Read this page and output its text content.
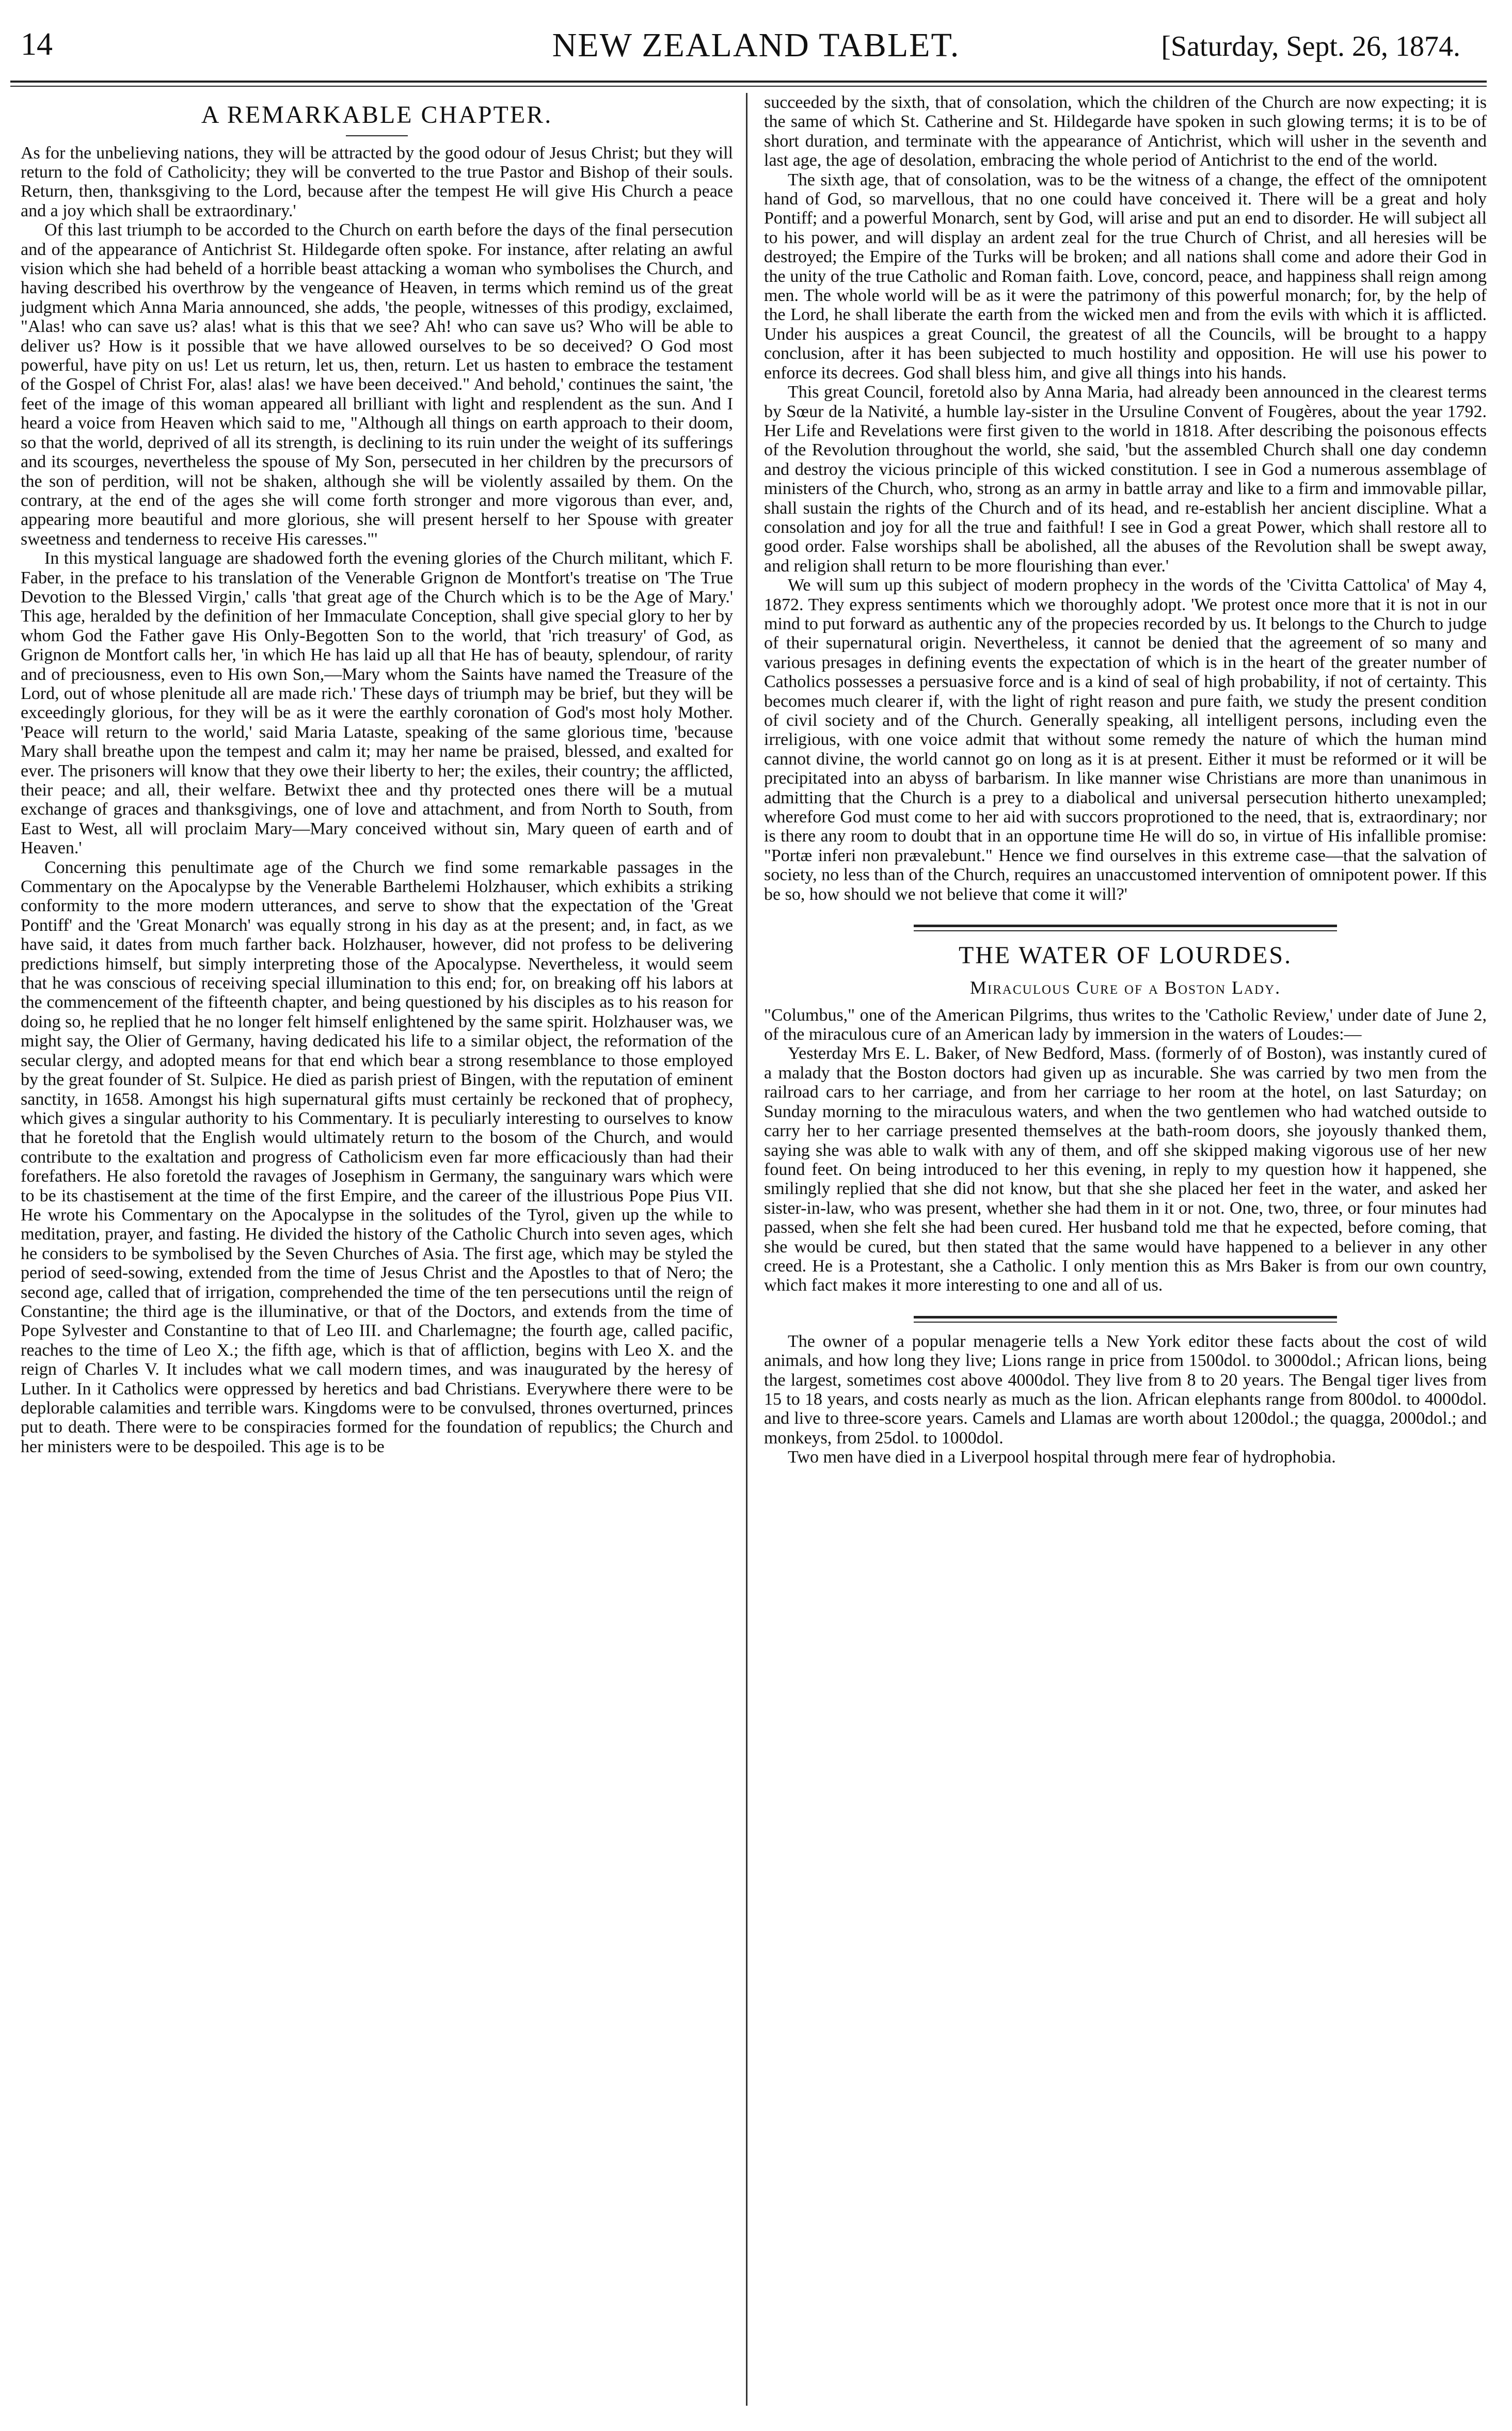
14	NEW ZEALAND TABLET.	[Saturday, Sept. 26, 1874.
A REMARKABLE CHAPTER.

As for the unbelieving nations, they will be attracted by the good odour of Jesus Christ; but they will return to the fold of Catholicity; they will be converted to the true Pastor and Bishop of their souls. Return, then, thanksgiving to the Lord, because after the tempest He will give His Church a peace and a joy which shall be extraordinary.'

Of this last triumph to be accorded to the Church on earth before the days of the final persecution and of the appearance of Antichrist St. Hildegarde often spoke. For instance, after relating an awful vision which she had beheld of a horrible beast attacking a woman who symbolises the Church, and having described his overthrow by the vengeance of Heaven, in terms which remind us of the great judgment which Anna Maria announced, she adds, 'the people, witnesses of this prodigy, exclaimed, "Alas! who can save us? alas! what is this that we see? Ah! who can save us? Who will be able to deliver us? How is it possible that we have allowed ourselves to be so deceived? O God most powerful, have pity on us! Let us return, let us, then, return. Let us hasten to embrace the testament of the Gospel of Christ For, alas! alas! we have been deceived." And behold,' continues the saint, 'the feet of the image of this woman appeared all brilliant with light and resplendent as the sun. And I heard a voice from Heaven which said to me, "Although all things on earth approach to their doom, so that the world, deprived of all its strength, is declining to its ruin under the weight of its sufferings and its scourges, nevertheless the spouse of My Son, persecuted in her children by the precursors of the son of perdition, will not be shaken, although she will be violently assailed by them. On the contrary, at the end of the ages she will come forth stronger and more vigorous than ever, and, appearing more beautiful and more glorious, she will present herself to her Spouse with greater sweetness and tenderness to receive His caresses."'

In this mystical language are shadowed forth the evening glories of the Church militant, which F. Faber, in the preface to his translation of the Venerable Grignon de Montfort's treatise on 'The True Devotion to the Blessed Virgin,' calls 'that great age of the Church which is to be the Age of Mary.' This age, heralded by the definition of her Immaculate Conception, shall give special glory to her by whom God the Father gave His Only-Begotten Son to the world, that 'rich treasury' of God, as Grignon de Montfort calls her, 'in which He has laid up all that He has of beauty, splendour, of rarity and of preciousness, even to His own Son,—Mary whom the Saints have named the Treasure of the Lord, out of whose plenitude all are made rich.' These days of triumph may be brief, but they will be exceedingly glorious, for they will be as it were the earthly coronation of God's most holy Mother. 'Peace will return to the world,' said Maria Lataste, speaking of the same glorious time, 'because Mary shall breathe upon the tempest and calm it; may her name be praised, blessed, and exalted for ever. The prisoners will know that they owe their liberty to her; the exiles, their country; the afflicted, their peace; and all, their welfare. Betwixt thee and thy protected ones there will be a mutual exchange of graces and thanksgivings, one of love and attachment, and from North to South, from East to West, all will proclaim Mary—Mary conceived without sin, Mary queen of earth and of Heaven.'

Concerning this penultimate age of the Church we find some remarkable passages in the Commentary on the Apocalypse by the Venerable Barthelemi Holzhauser, which exhibits a striking conformity to the more modern utterances, and serve to show that the expectation of the 'Great Pontiff' and the 'Great Monarch' was equally strong in his day as at the present; and, in fact, as we have said, it dates from much farther back. Holzhauser, however, did not profess to be delivering predictions himself, but simply interpreting those of the Apocalypse. Nevertheless, it would seem that he was conscious of receiving special illumination to this end; for, on breaking off his labors at the commencement of the fifteenth chapter, and being questioned by his disciples as to his reason for doing so, he replied that he no longer felt himself enlightened by the same spirit. Holzhauser was, we might say, the Olier of Germany, having dedicated his life to a similar object, the reformation of the secular clergy, and adopted means for that end which bear a strong resemblance to those employed by the great founder of St. Sulpice. He died as parish priest of Bingen, with the reputation of eminent sanctity, in 1658. Amongst his high supernatural gifts must certainly be reckoned that of prophecy, which gives a singular authority to his Commentary. It is peculiarly interesting to ourselves to know that he foretold that the English would ultimately return to the bosom of the Church, and would contribute to the exaltation and progress of Catholicism even far more efficaciously than had their forefathers. He also foretold the ravages of Josephism in Germany, the sanguinary wars which were to be its chastisement at the time of the first Empire, and the career of the illustrious Pope Pius VII. He wrote his Commentary on the Apocalypse in the solitudes of the Tyrol, given up the while to meditation, prayer, and fasting. He divided the history of the Catholic Church into seven ages, which he considers to be symbolised by the Seven Churches of Asia. The first age, which may be styled the period of seed-sowing, extended from the time of Jesus Christ and the Apostles to that of Nero; the second age, called that of irrigation, comprehended the time of the ten persecutions until the reign of Constantine; the third age is the illuminative, or that of the Doctors, and extends from the time of Pope Sylvester and Constantine to that of Leo III. and Charlemagne; the fourth age, called pacific, reaches to the time of Leo X.; the fifth age, which is that of affliction, begins with Leo X. and the reign of Charles V. It includes what we call modern times, and was inaugurated by the heresy of Luther. In it Catholics were oppressed by heretics and bad Christians. Everywhere there were to be deplorable calamities and terrible wars. Kingdoms were to be convulsed, thrones overturned, princes put to death. There were to be conspiracies formed for the foundation of republics; the Church and her ministers were to be despoiled. This age is to be

succeeded by the sixth, that of consolation, which the children of the Church are now expecting; it is the same of which St. Catherine and St. Hildegarde have spoken in such glowing terms; it is to be of short duration, and terminate with the appearance of Antichrist, which will usher in the seventh and last age, the age of desolation, embracing the whole period of Antichrist to the end of the world.

The sixth age, that of consolation, was to be the witness of a change, the effect of the omnipotent hand of God, so marvellous, that no one could have conceived it. There will be a great and holy Pontiff; and a powerful Monarch, sent by God, will arise and put an end to disorder. He will subject all to his power, and will display an ardent zeal for the true Church of Christ, and all heresies will be destroyed; the Empire of the Turks will be broken; and all nations shall come and adore their God in the unity of the true Catholic and Roman faith. Love, concord, peace, and happiness shall reign among men. The whole world will be as it were the patrimony of this powerful monarch; for, by the help of the Lord, he shall liberate the earth from the wicked men and from the evils with which it is afflicted. Under his auspices a great Council, the greatest of all the Councils, will be brought to a happy conclusion, after it has been subjected to much hostility and opposition. He will use his power to enforce its decrees. God shall bless him, and give all things into his hands.

This great Council, foretold also by Anna Maria, had already been announced in the clearest terms by Sœur de la Nativité, a humble lay-sister in the Ursuline Convent of Fougères, about the year 1792. Her Life and Revelations were first given to the world in 1818. After describing the poisonous effects of the Revolution throughout the world, she said, 'but the assembled Church shall one day condemn and destroy the vicious principle of this wicked constitution. I see in God a numerous assemblage of ministers of the Church, who, strong as an army in battle array and like to a firm and immovable pillar, shall sustain the rights of the Church and of its head, and re-establish her ancient discipline. What a consolation and joy for all the true and faithful! I see in God a great Power, which shall restore all to good order. False worships shall be abolished, all the abuses of the Revolution shall be swept away, and religion shall return to be more flourishing than ever.'

We will sum up this subject of modern prophecy in the words of the 'Civitta Cattolica' of May 4, 1872. They express sentiments which we thoroughly adopt. 'We protest once more that it is not in our mind to put forward as authentic any of the propecies recorded by us. It belongs to the Church to judge of their supernatural origin. Nevertheless, it cannot be denied that the agreement of so many and various presages in defining events the expectation of which is in the heart of the greater number of Catholics possesses a persuasive force and is a kind of seal of high probability, if not of certainty. This becomes much clearer if, with the light of right reason and pure faith, we study the present condition of civil society and of the Church. Generally speaking, all intelligent persons, including even the irreligious, with one voice admit that without some remedy the nature of which the human mind cannot divine, the world cannot go on long as it is at present. Either it must be reformed or it will be precipitated into an abyss of barbarism. In like manner wise Christians are more than unanimous in admitting that the Church is a prey to a diabolical and universal persecution hitherto unexampled; wherefore God must come to her aid with succors proprotioned to the need, that is, extraordinary; nor is there any room to doubt that in an opportune time He will do so, in virtue of His infallible promise: "Portæ inferi non prævalebunt." Hence we find ourselves in this extreme case—that the salvation of society, no less than of the Church, requires an unaccustomed intervention of omnipotent power. If this be so, how should we not believe that come it will?'

THE WATER OF LOURDES.
Miraculous Cure of a Boston Lady.

"Columbus," one of the American Pilgrims, thus writes to the 'Catholic Review,' under date of June 2, of the miraculous cure of an American lady by immersion in the waters of Loudes:—

Yesterday Mrs E. L. Baker, of New Bedford, Mass. (formerly of of Boston), was instantly cured of a malady that the Boston doctors had given up as incurable. She was carried by two men from the railroad cars to her carriage, and from her carriage to her room at the hotel, on last Saturday; on Sunday morning to the miraculous waters, and when the two gentlemen who had watched outside to carry her to her carriage presented themselves at the bath-room doors, she joyously thanked them, saying she was able to walk with any of them, and off she skipped making vigorous use of her new found feet. On being introduced to her this evening, in reply to my question how it happened, she smilingly replied that she did not know, but that she she placed her feet in the water, and asked her sister-in-law, who was present, whether she had them in it or not. One, two, three, or four minutes had passed, when she felt she had been cured. Her husband told me that he expected, before coming, that she would be cured, but then stated that the same would have happened to a believer in any other creed. He is a Protestant, she a Catholic. I only mention this as Mrs Baker is from our own country, which fact makes it more interesting to one and all of us.

The owner of a popular menagerie tells a New York editor these facts about the cost of wild animals, and how long they live; Lions range in price from 1500dol. to 3000dol.; African lions, being the largest, sometimes cost above 4000dol. They live from 8 to 20 years. The Bengal tiger lives from 15 to 18 years, and costs nearly as much as the lion. African elephants range from 800dol. to 4000dol. and live to three-score years. Camels and Llamas are worth about 1200dol.; the quagga, 2000dol.; and monkeys, from 25dol. to 1000dol.

Two men have died in a Liverpool hospital through mere fear of hydrophobia.
